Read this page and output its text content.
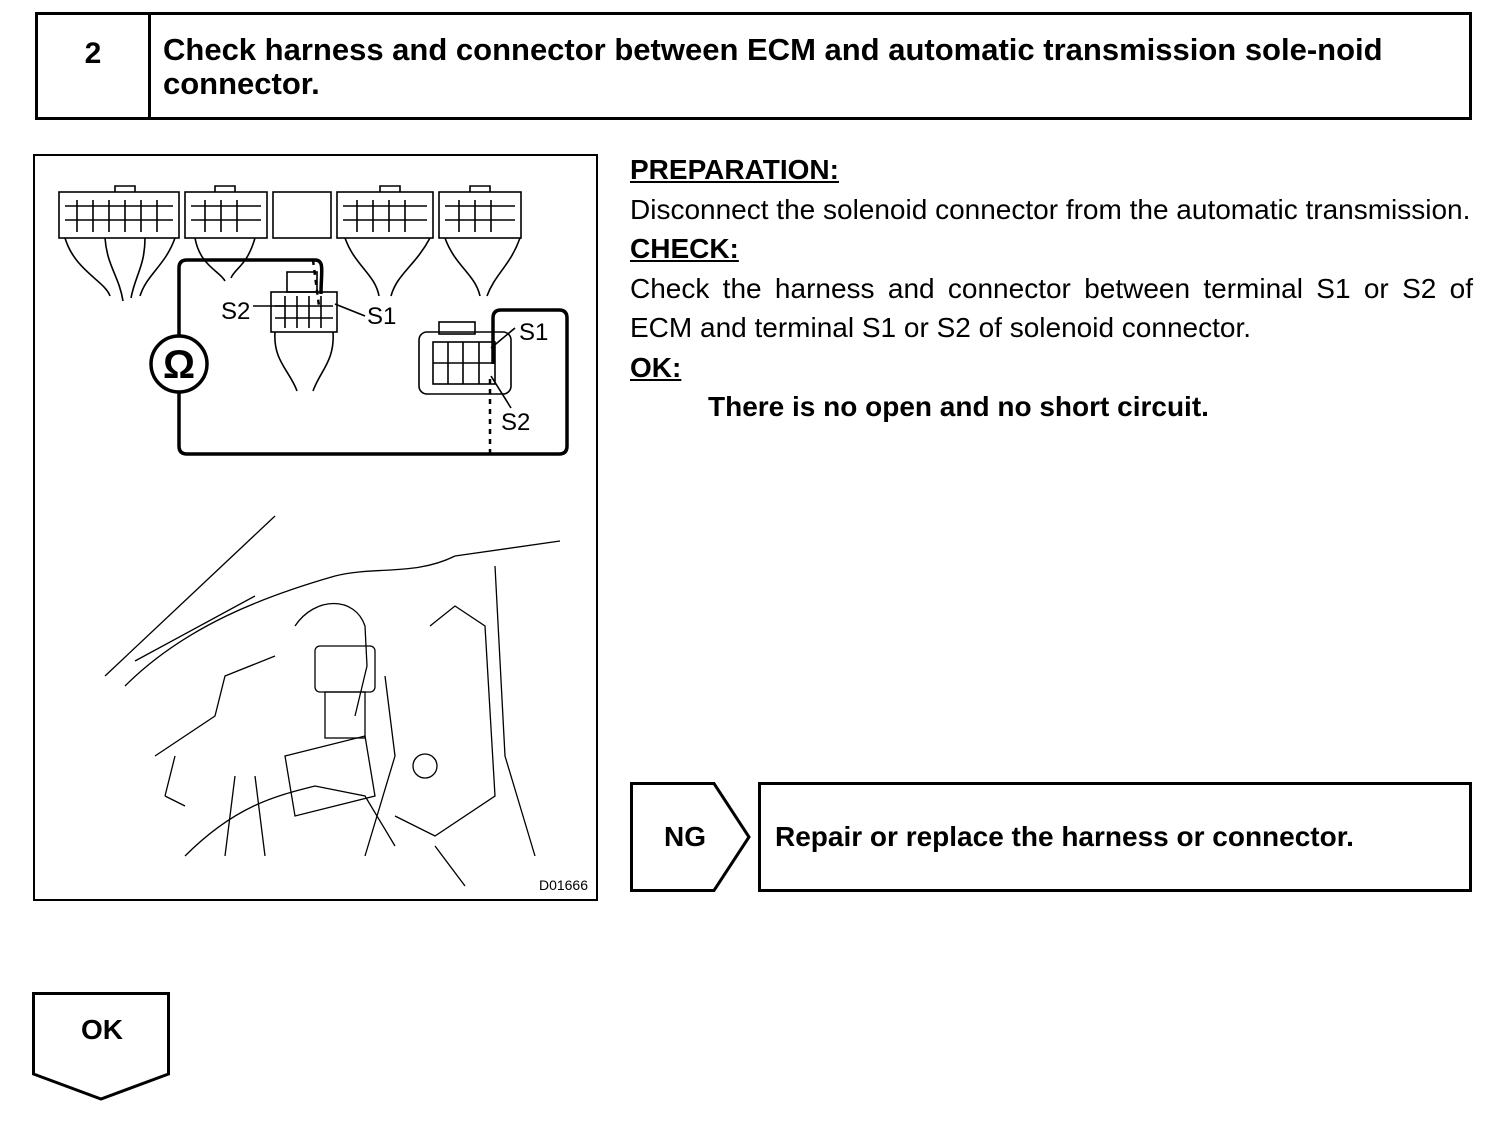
2	Check harness and connector between ECM and automatic transmission sole-noid connector.
S2	S1
S1
S2
Ω
D01666
PREPARATION:
Disconnect the solenoid connector from the automatic transmission.
CHECK:
Check the harness and connector between terminal S1 or S2 of ECM and terminal S1 or S2 of solenoid connector.
OK:
There is no open and no short circuit.
NG	Repair or replace the harness or connector.
OK
